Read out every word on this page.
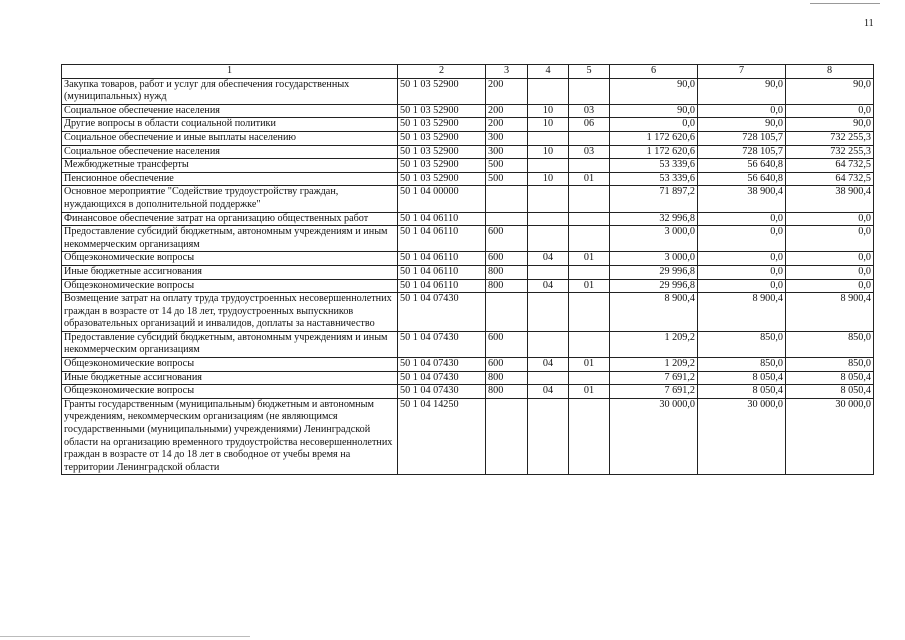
11
1	2	3	4	5	6	7	8
Закупка товаров, работ и услуг для обеспечения государственных (муниципальных) нужд	50 1 03 52900	200			90,0	90,0	90,0
Социальное обеспечение населения	50 1 03 52900	200	10	03	90,0	0,0	0,0
Другие вопросы в области социальной политики	50 1 03 52900	200	10	06	0,0	90,0	90,0
Социальное обеспечение и иные выплаты населению	50 1 03 52900	300			1 172 620,6	728 105,7	732 255,3
Социальное обеспечение населения	50 1 03 52900	300	10	03	1 172 620,6	728 105,7	732 255,3
Межбюджетные трансферты	50 1 03 52900	500			53 339,6	56 640,8	64 732,5
Пенсионное обеспечение	50 1 03 52900	500	10	01	53 339,6	56 640,8	64 732,5
Основное мероприятие "Содействие трудоустройству граждан, нуждающихся в дополнительной поддержке"	50 1 04 00000				71 897,2	38 900,4	38 900,4
Финансовое обеспечение затрат на организацию общественных работ	50 1 04 06110				32 996,8	0,0	0,0
Предоставление субсидий бюджетным, автономным учреждениям и иным некоммерческим организациям	50 1 04 06110	600			3 000,0	0,0	0,0
Общеэкономические вопросы	50 1 04 06110	600	04	01	3 000,0	0,0	0,0
Иные бюджетные ассигнования	50 1 04 06110	800			29 996,8	0,0	0,0
Общеэкономические вопросы	50 1 04 06110	800	04	01	29 996,8	0,0	0,0
Возмещение затрат на оплату труда трудоустроенных несовершеннолетних граждан в возрасте от 14 до 18 лет, трудоустроенных выпускников образовательных организаций и инвалидов, доплаты за наставничество	50 1 04 07430				8 900,4	8 900,4	8 900,4
Предоставление субсидий бюджетным, автономным учреждениям и иным некоммерческим организациям	50 1 04 07430	600			1 209,2	850,0	850,0
Общеэкономические вопросы	50 1 04 07430	600	04	01	1 209,2	850,0	850,0
Иные бюджетные ассигнования	50 1 04 07430	800			7 691,2	8 050,4	8 050,4
Общеэкономические вопросы	50 1 04 07430	800	04	01	7 691,2	8 050,4	8 050,4
Гранты государственным (муниципальным) бюджетным и автономным учреждениям, некоммерческим организациям (не являющимся государственными (муниципальными) учреждениями) Ленинградской области на организацию временного трудоустройства несовершеннолетних граждан в возрасте от 14 до 18 лет в свободное от учебы время на территории Ленинградской области	50 1 04 14250				30 000,0	30 000,0	30 000,0
